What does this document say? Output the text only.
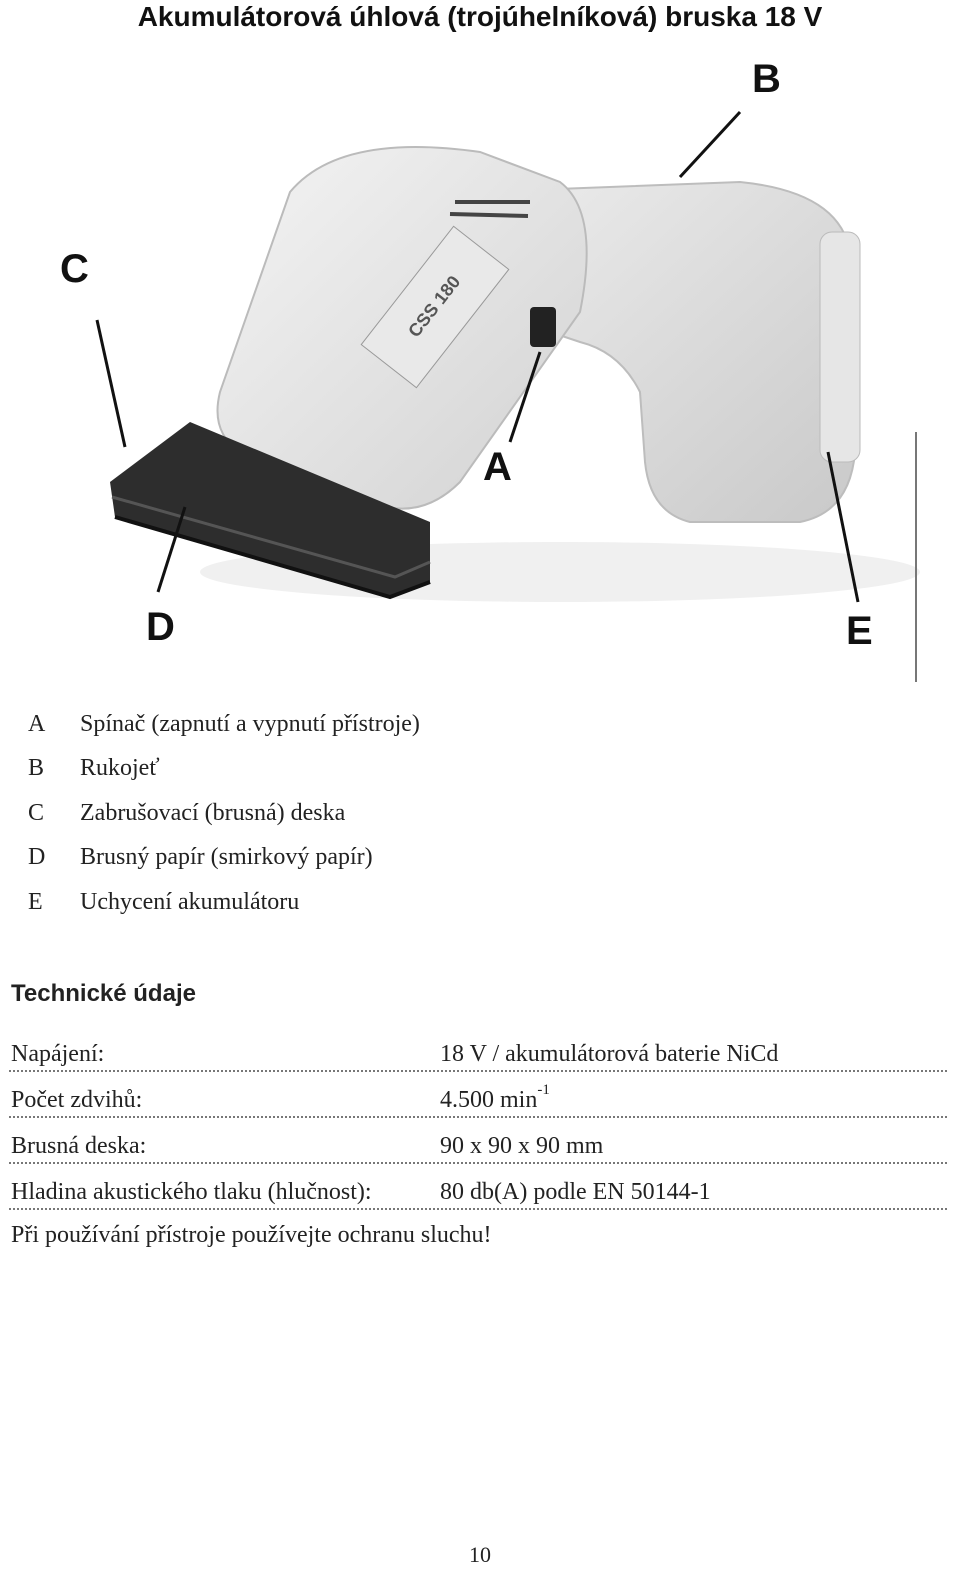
Akumulátorová úhlová (trojúhelníková) bruska 18 V
CSS 180
A
B
C
D	E
A	Spínač (zapnutí a vypnutí přístroje)
B	Rukojeť
C	Zabrušovací (brusná) deska
D	Brusný papír (smirkový papír)
E	Uchycení akumulátoru
Technické údaje
Napájení:	18 V / akumulátorová baterie NiCd
Počet zdvihů:	4.500 $\min^{-1}$
Brusná deska:	90 x 90 x 90 mm
Hladina akustického tlaku (hlučnost):	80 db(A) podle EN 50144-1
Při používání přístroje používejte ochranu sluchu!
10
